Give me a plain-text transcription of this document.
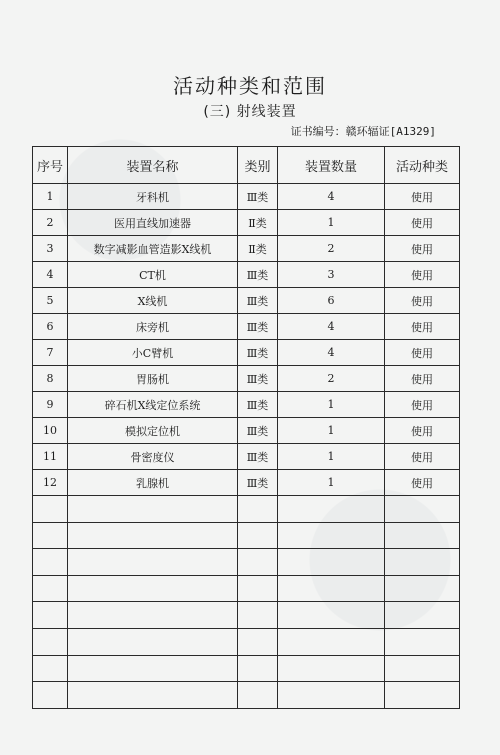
活动种类和范围
(三) 射线装置
证书编号：赣环辐证[A1329]
序号	装置名称	类别	装置数量	活动种类
1	牙科机	Ⅲ类	4	使用
2	医用直线加速器	Ⅱ类	1	使用
3	数字减影血管造影X线机	Ⅱ类	2	使用
4	CT机	Ⅲ类	3	使用
5	X线机	Ⅲ类	6	使用
6	床旁机	Ⅲ类	4	使用
7	小C臂机	Ⅲ类	4	使用
8	胃肠机	Ⅲ类	2	使用
9	碎石机X线定位系统	Ⅲ类	1	使用
10	模拟定位机	Ⅲ类	1	使用
11	骨密度仪	Ⅲ类	1	使用
12	乳腺机	Ⅲ类	1	使用
